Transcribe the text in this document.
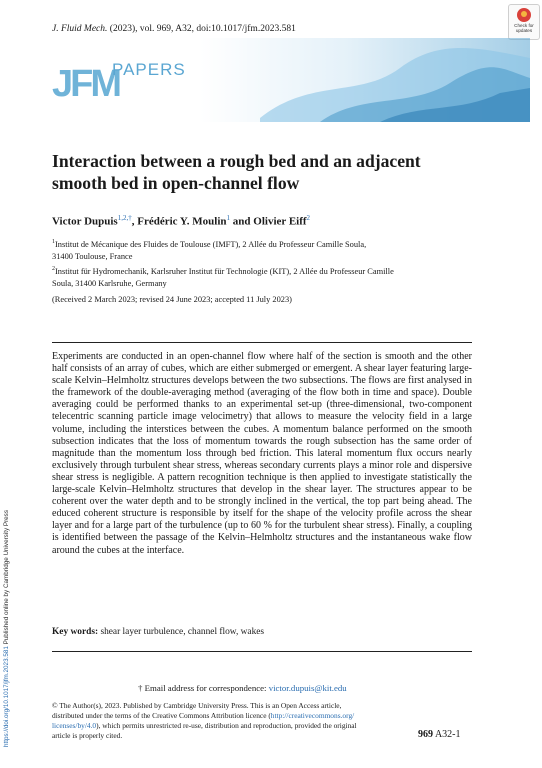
J. Fluid Mech. (2023), vol. 969, A32, doi:10.1017/jfm.2023.581	Check for
updates
JFM
PAPERS
Interaction between a rough bed and an adjacent
smooth bed in open-channel flow
Victor Dupuis$^{1,2,\dagger}$, Frédéric Y. Moulin$^1$ and Olivier Eiff$^2$
$^1$Institut de Mécanique des Fluides de Toulouse (IMFT), 2 Allée du Professeur Camille Soula,
31400 Toulouse, France
$^2$Institut für Hydromechanik, Karlsruher Institut für Technologie (KIT), 2 Allée du Professeur Camille
Soula, 31400 Karlsruhe, Germany
(Received 2 March 2023; revised 24 June 2023; accepted 11 July 2023)
Experiments are conducted in an open-channel flow where half of the section is smooth and the other half consists of an array of cubes, which are either submerged or emergent. A shear layer featuring large-scale Kelvin–Helmholtz structures develops between the two subsections. The flows are first analysed in the framework of the double-averaging method (averaging of the flow both in time and space). Double averaging could be performed thanks to an experimental set-up (three-dimensional, two-component telecentric scanning particle image velocimetry) that allows to measure the velocity field in a large volume, including the interstices between the cubes. A momentum balance performed on the smooth subsection indicates that the loss of momentum towards the rough subsection has the same order of magnitude than the momentum loss through bed friction. This lateral momentum flux occurs nearly exclusively through turbulent shear stress, whereas secondary currents plays a minor role and dispersive shear stress is negligible. A pattern recognition technique is then applied to investigate statistically the large-scale Kelvin–Helmholtz structures that develop in the shear layer. The structures appear to be coherent over the water depth and to be strongly inclined in the vertical, the top part being ahead. The educed coherent structure is responsible by itself for the shape of the velocity profile across the shear layer and for a large part of the turbulence (up to 60 % for the turbulent shear stress). Finally, a coupling is identified between the passage of the Kelvin–Helmholtz structures and the instantaneous wake flow around the cubes at the interface.
Key words: shear layer turbulence, channel flow, wakes
† Email address for correspondence: victor.dupuis@kit.edu
© The Author(s), 2023. Published by Cambridge University Press. This is an Open Access article,
distributed under the terms of the Creative Commons Attribution licence (http://creativecommons.org/
licenses/by/4.0), which permits unrestricted re-use, distribution and reproduction, provided the original
article is properly cited.	969 A32-1
https://doi.org/10.1017/jfm.2023.581 Published online by Cambridge University Press
